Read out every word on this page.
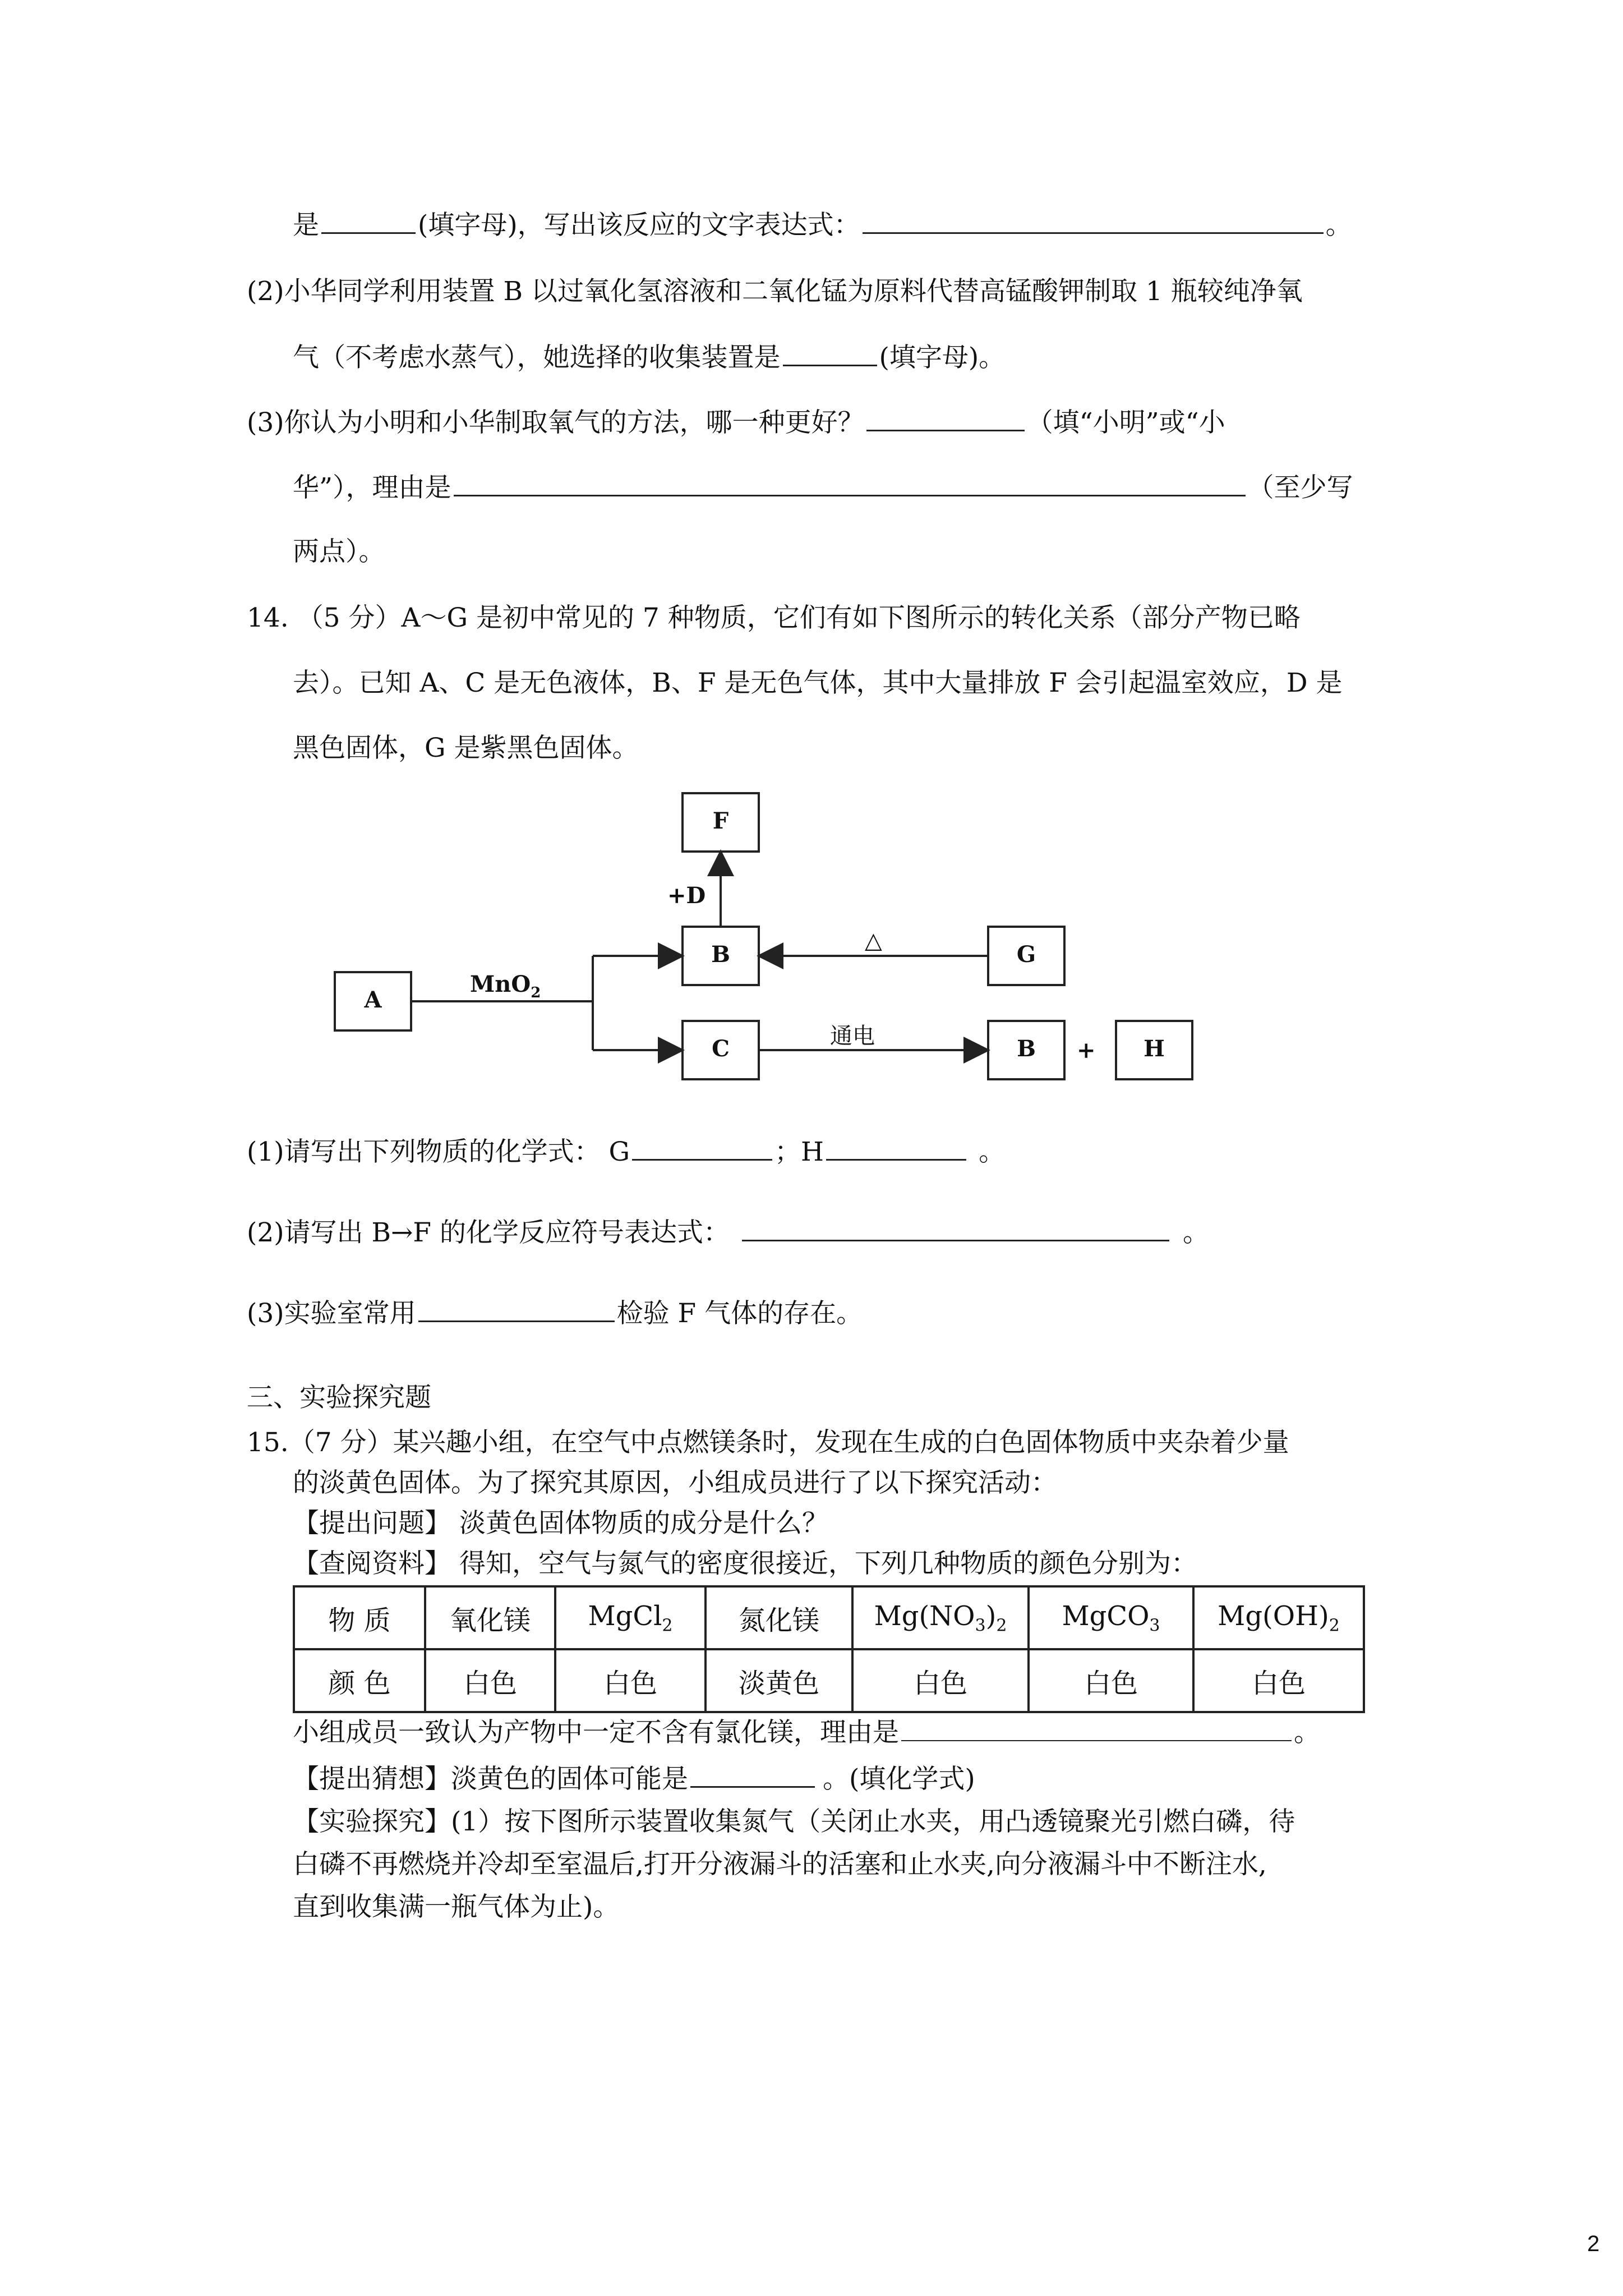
是	(填字母)，写出该反应的文字表达式：	。
(2)小华同学利用装置 B 以过氧化氢溶液和二氧化锰为原料代替高锰酸钾制取 1 瓶较纯净氧
气（不考虑水蒸气），她选择的收集装置是	(填字母)。
(3)你认为小明和小华制取氧气的方法，哪一种更好？	（填“小明”或“小
华”），理由是	（至少写
两点）。
14. （5 分）A～G 是初中常见的 7 种物质，它们有如下图所示的转化关系（部分产物已略
去）。已知 A、C 是无色液体，B、F 是无色气体，其中大量排放 F 会引起温室效应，D 是
黑色固体，G 是紫黑色固体。
F
B	G
A
C	B	H
MnO$_2$
+D
△
通电
+
(1)请写出下列物质的化学式： G	；H	。
(2)请写出 B→F 的化学反应符号表达式：	。
(3)实验室常用	检验 F 气体的存在。
三、实验探究题
15.（7 分）某兴趣小组，在空气中点燃镁条时，发现在生成的白色固体物质中夹杂着少量
的淡黄色固体。为了探究其原因，小组成员进行了以下探究活动：
【提出问题】 淡黄色固体物质的成分是什么？
【查阅资料】 得知，空气与氮气的密度很接近，下列几种物质的颜色分别为：
物 质	氧化镁	MgCl$_2$	氮化镁	$Mg(NO_3)_2$	MgCO$_3$	$Mg(OH)_2$
颜 色	白色	白色	淡黄色	白色	白色	白色
小组成员一致认为产物中一定不含有氯化镁，理由是	。
【提出猜想】淡黄色的固体可能是	。(填化学式)
【实验探究】(1）按下图所示装置收集氮气（关闭止水夹，用凸透镜聚光引燃白磷，待
白磷不再燃烧并冷却至室温后,打开分液漏斗的活塞和止水夹,向分液漏斗中不断注水,
直到收集满一瓶气体为止)。
2
